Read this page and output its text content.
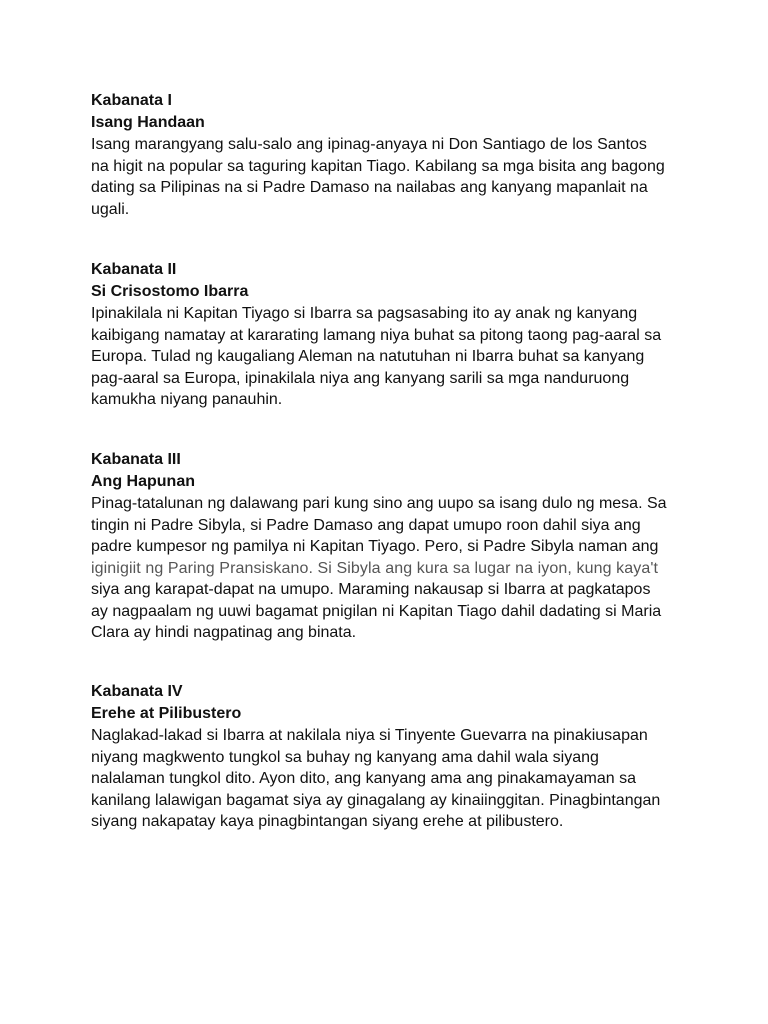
Kabanata I

Isang Handaan

Isang marangyang salu-salo ang ipinag-anyaya ni Don Santiago de los Santos
na higit na popular sa taguring kapitan Tiago. Kabilang sa mga bisita ang bagong
dating sa Pilipinas na si Padre Damaso na nailabas ang kanyang mapanlait na
ugali.

Kabanata II

Si Crisostomo Ibarra

Ipinakilala ni Kapitan Tiyago si Ibarra sa pagsasabing ito ay anak ng kanyang
kaibigang namatay at kararating lamang niya buhat sa pitong taong pag-aaral sa
Europa. Tulad ng kaugaliang Aleman na natutuhan ni Ibarra buhat sa kanyang
pag-aaral sa Europa, ipinakilala niya ang kanyang sarili sa mga nanduruong
kamukha niyang panauhin.

Kabanata III

Ang Hapunan

Pinag-tatalunan ng dalawang pari kung sino ang uupo sa isang dulo ng mesa. Sa
tingin ni Padre Sibyla, si Padre Damaso ang dapat umupo roon dahil siya ang
padre kumpesor ng pamilya ni Kapitan Tiyago. Pero, si Padre Sibyla naman ang
iginigiit ng Paring Pransiskano. Si Sibyla ang kura sa lugar na iyon, kung kaya't
siya ang karapat-dapat na umupo. Maraming nakausap si Ibarra at pagkatapos
ay nagpaalam ng uuwi bagamat pnigilan ni Kapitan Tiago dahil dadating si Maria
Clara ay hindi nagpatinag ang binata.

Kabanata IV

Erehe at Pilibustero

Naglakad-lakad si Ibarra at nakilala niya si Tinyente Guevarra na pinakiusapan
niyang magkwento tungkol sa buhay ng kanyang ama dahil wala siyang
nalalaman tungkol dito. Ayon dito, ang kanyang ama ang pinakamayaman sa
kanilang lalawigan bagamat siya ay ginagalang ay kinaiinggitan. Pinagbintangan
siyang nakapatay kaya pinagbintangan siyang erehe at pilibustero.
